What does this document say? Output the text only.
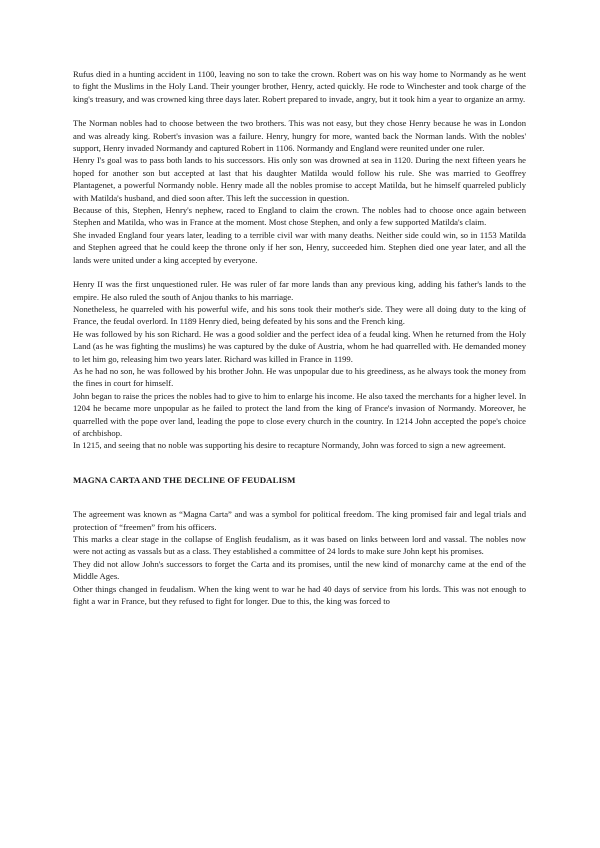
Rufus died in a hunting accident in 1100, leaving no son to take the crown. Robert was on his way home to Normandy as he went to fight the Muslims in the Holy Land. Their younger brother, Henry, acted quickly. He rode to Winchester and took charge of the king's treasury, and was crowned king three days later. Robert prepared to invade, angry, but it took him a year to organize an army.

The Norman nobles had to choose between the two brothers. This was not easy, but they chose Henry because he was in London and was already king. Robert's invasion was a failure. Henry, hungry for more, wanted back the Norman lands. With the nobles' support, Henry invaded Normandy and captured Robert in 1106. Normandy and England were reunited under one ruler.

Henry I's goal was to pass both lands to his successors. His only son was drowned at sea in 1120. During the next fifteen years he hoped for another son but accepted at last that his daughter Matilda would follow his rule. She was married to Geoffrey Plantagenet, a powerful Normandy noble. Henry made all the nobles promise to accept Matilda, but he himself quarreled publicly with Matilda's husband, and died soon after. This left the succession in question.

Because of this, Stephen, Henry's nephew, raced to England to claim the crown. The nobles had to choose once again between Stephen and Matilda, who was in France at the moment. Most chose Stephen, and only a few supported Matilda's claim.

She invaded England four years later, leading to a terrible civil war with many deaths. Neither side could win, so in 1153 Matilda and Stephen agreed that he could keep the throne only if her son, Henry, succeeded him. Stephen died one year later, and all the lands were united under a king accepted by everyone.

Henry II was the first unquestioned ruler. He was ruler of far more lands than any previous king, adding his father's lands to the empire. He also ruled the south of Anjou thanks to his marriage.

Nonetheless, he quarreled with his powerful wife, and his sons took their mother's side. They were all doing duty to the king of France, the feudal overlord. In 1189 Henry died, being defeated by his sons and the French king.

He was followed by his son Richard. He was a good soldier and the perfect idea of a feudal king. When he returned from the Holy Land (as he was fighting the muslims) he was captured by the duke of Austria, whom he had quarrelled with. He demanded money to let him go, releasing him two years later. Richard was killed in France in 1199.

As he had no son, he was followed by his brother John. He was unpopular due to his greediness, as he always took the money from the fines in court for himself.

John began to raise the prices the nobles had to give to him to enlarge his income. He also taxed the merchants for a higher level. In 1204 he became more unpopular as he failed to protect the land from the king of France's invasion of Normandy. Moreover, he quarrelled with the pope over land, leading the pope to close every church in the country. In 1214 John accepted the pope's choice of archbishop.

In 1215, and seeing that no noble was supporting his desire to recapture Normandy, John was forced to sign a new agreement.

MAGNA CARTA AND THE DECLINE OF FEUDALISM

The agreement was known as “Magna Carta” and was a symbol for political freedom. The king promised fair and legal trials and protection of “freemen” from his officers.

This marks a clear stage in the collapse of English feudalism, as it was based on links between lord and vassal. The nobles now were not acting as vassals but as a class. They established a committee of 24 lords to make sure John kept his promises.

They did not allow John's successors to forget the Carta and its promises, until the new kind of monarchy came at the end of the Middle Ages.

Other things changed in feudalism. When the king went to war he had 40 days of service from his lords. This was not enough to fight a war in France, but they refused to fight for longer. Due to this, the king was forced to
